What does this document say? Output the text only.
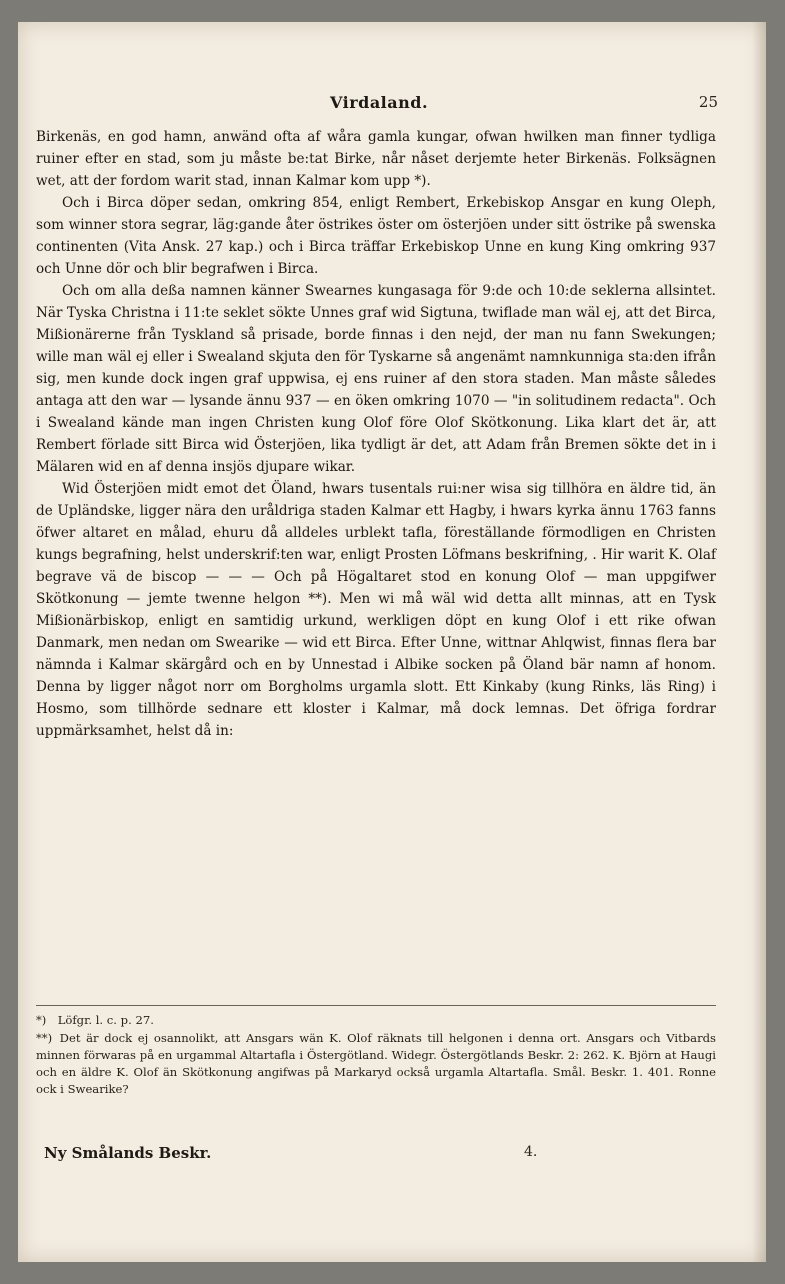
Virdaland.	25

Birkenäs, en god hamn, anwänd ofta af wåra gamla kungar, ofwan hwilken man finner tydliga ruiner efter en stad, som ju måste be:tat Birke, når nåset derjemte heter Birkenäs. Folksägnen wet, att der fordom warit stad, innan Kalmar kom upp *).

Och i Birca döper sedan, omkring 854, enligt Rembert, Erkebiskop Ansgar en kung Oleph, som winner stora segrar, läg:gande åter östrikes öster om österjöen under sitt östrike på swenska continenten (Vita Ansk. 27 kap.) och i Birca träffar Erkebiskop Unne en kung King omkring 937 och Unne dör och blir begrafwen i Birca.

Och om alla deßa namnen känner Swearnes kungasaga för 9:de och 10:de seklerna allsintet. När Tyska Christna i 11:te seklet sökte Unnes graf wid Sigtuna, twiflade man wäl ej, att det Birca, Mißionärerne från Tyskland så prisade, borde finnas i den nejd, der man nu fann Swekungen; wille man wäl ej eller i Swealand skjuta den för Tyskarne så angenämt namnkunniga sta:den ifrån sig, men kunde dock ingen graf uppwisa, ej ens ruiner af den stora staden. Man måste således antaga att den war — lysande ännu 937 — en öken omkring 1070 — "in solitudinem redacta". Och i Swealand kände man ingen Christen kung Olof före Olof Skötkonung. Lika klart det är, att Rembert förlade sitt Birca wid Österjöen, lika tydligt är det, att Adam från Bremen sökte det in i Mälaren wid en af denna insjös djupare wikar.

Wid Österjöen midt emot det Öland, hwars tusentals rui:ner wisa sig tillhöra en äldre tid, än de Upländske, ligger nära den uråldriga staden Kalmar ett Hagby, i hwars kyrka ännu 1763 fanns öfwer altaret en målad, ehuru då alldeles urblekt tafla, föreställande förmodligen en Christen kungs begrafning, helst underskrif:ten war, enligt Prosten Löfmans beskrifning, . Hir warit K. Olaf begrave vä de biscop — — — Och på Högaltaret stod en konung Olof — man uppgifwer Skötkonung — jemte twenne helgon **). Men wi må wäl wid detta allt minnas, att en Tysk Mißionärbiskop, enligt en samtidig urkund, werkligen döpt en kung Olof i ett rike ofwan Danmark, men nedan om Swearike — wid ett Birca. Efter Unne, wittnar Ahlqwist, finnas flera bar nämnda i Kalmar skärgård och en by Unnestad i Albike socken på Öland bär namn af honom. Denna by ligger något norr om Borgholms urgamla slott. Ett Kinkaby (kung Rinks, läs Ring) i Hosmo, som tillhörde sednare ett kloster i Kalmar, må dock lemnas. Det öfriga fordrar uppmärksamhet, helst då in:

*) Löfgr. l. c. p. 27.

**) Det är dock ej osannolikt, att Ansgars wän K. Olof räknats till helgonen i denna ort. Ansgars och Vitbards minnen förwaras på en urgammal Altartafla i Östergötland. Widegr. Östergötlands Beskr. 2: 262. K. Björn at Haugi och en äldre K. Olof än Skötkonung angifwas på Markaryd också urgamla Altartafla. Smål. Beskr. 1. 401. Ronne ock i Swearike?

Ny Smålands Beskr.	4.
